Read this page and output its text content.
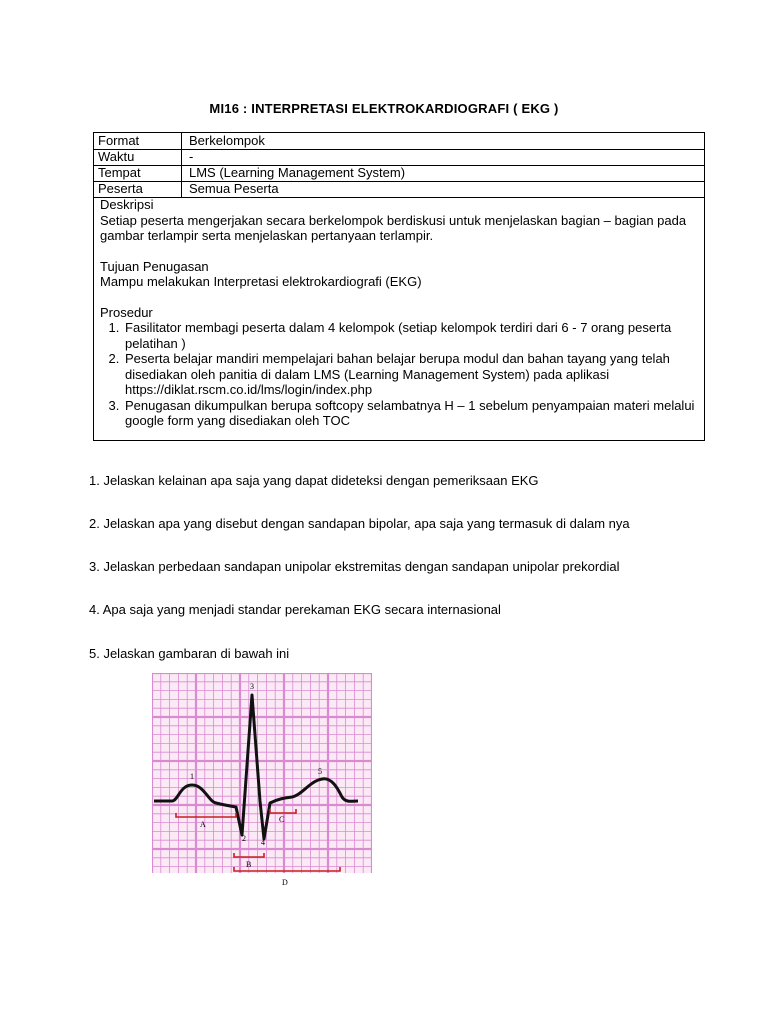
MI16 : INTERPRETASI ELEKTROKARDIOGRAFI ( EKG )
Format	Berkelompok
Waktu	-
Tempat	LMS (Learning Management System)
Peserta	Semua Peserta

Deskripsi

Setiap peserta mengerjakan secara berkelompok berdiskusi untuk menjelaskan bagian – bagian pada gambar terlampir serta menjelaskan pertanyaan terlampir.

Tujuan Penugasan

Mampu melakukan Interpretasi elektrokardiografi (EKG)

Prosedur

1. Fasilitator membagi peserta dalam 4 kelompok (setiap kelompok terdiri dari 6 - 7 orang peserta pelatihan )
2. Peserta belajar mandiri mempelajari bahan belajar berupa modul dan bahan tayang yang telah disediakan oleh panitia di dalam LMS (Learning Management System) pada aplikasi https://diklat.rscm.co.id/lms/login/index.php
3. Penugasan dikumpulkan berupa softcopy selambatnya H – 1 sebelum penyampaian materi melalui google form yang disediakan oleh TOC
1. Jelaskan kelainan apa saja yang dapat dideteksi dengan pemeriksaan EKG
2. Jelaskan apa yang disebut dengan sandapan bipolar, apa saja yang termasuk di dalam nya
3. Jelaskan perbedaan sandapan unipolar ekstremitas dengan sandapan unipolar prekordial
4. Apa saja yang menjadi standar perekaman EKG secara internasional
5. Jelaskan gambaran di bawah ini
1
3
5
2 4
A
C
B
D
